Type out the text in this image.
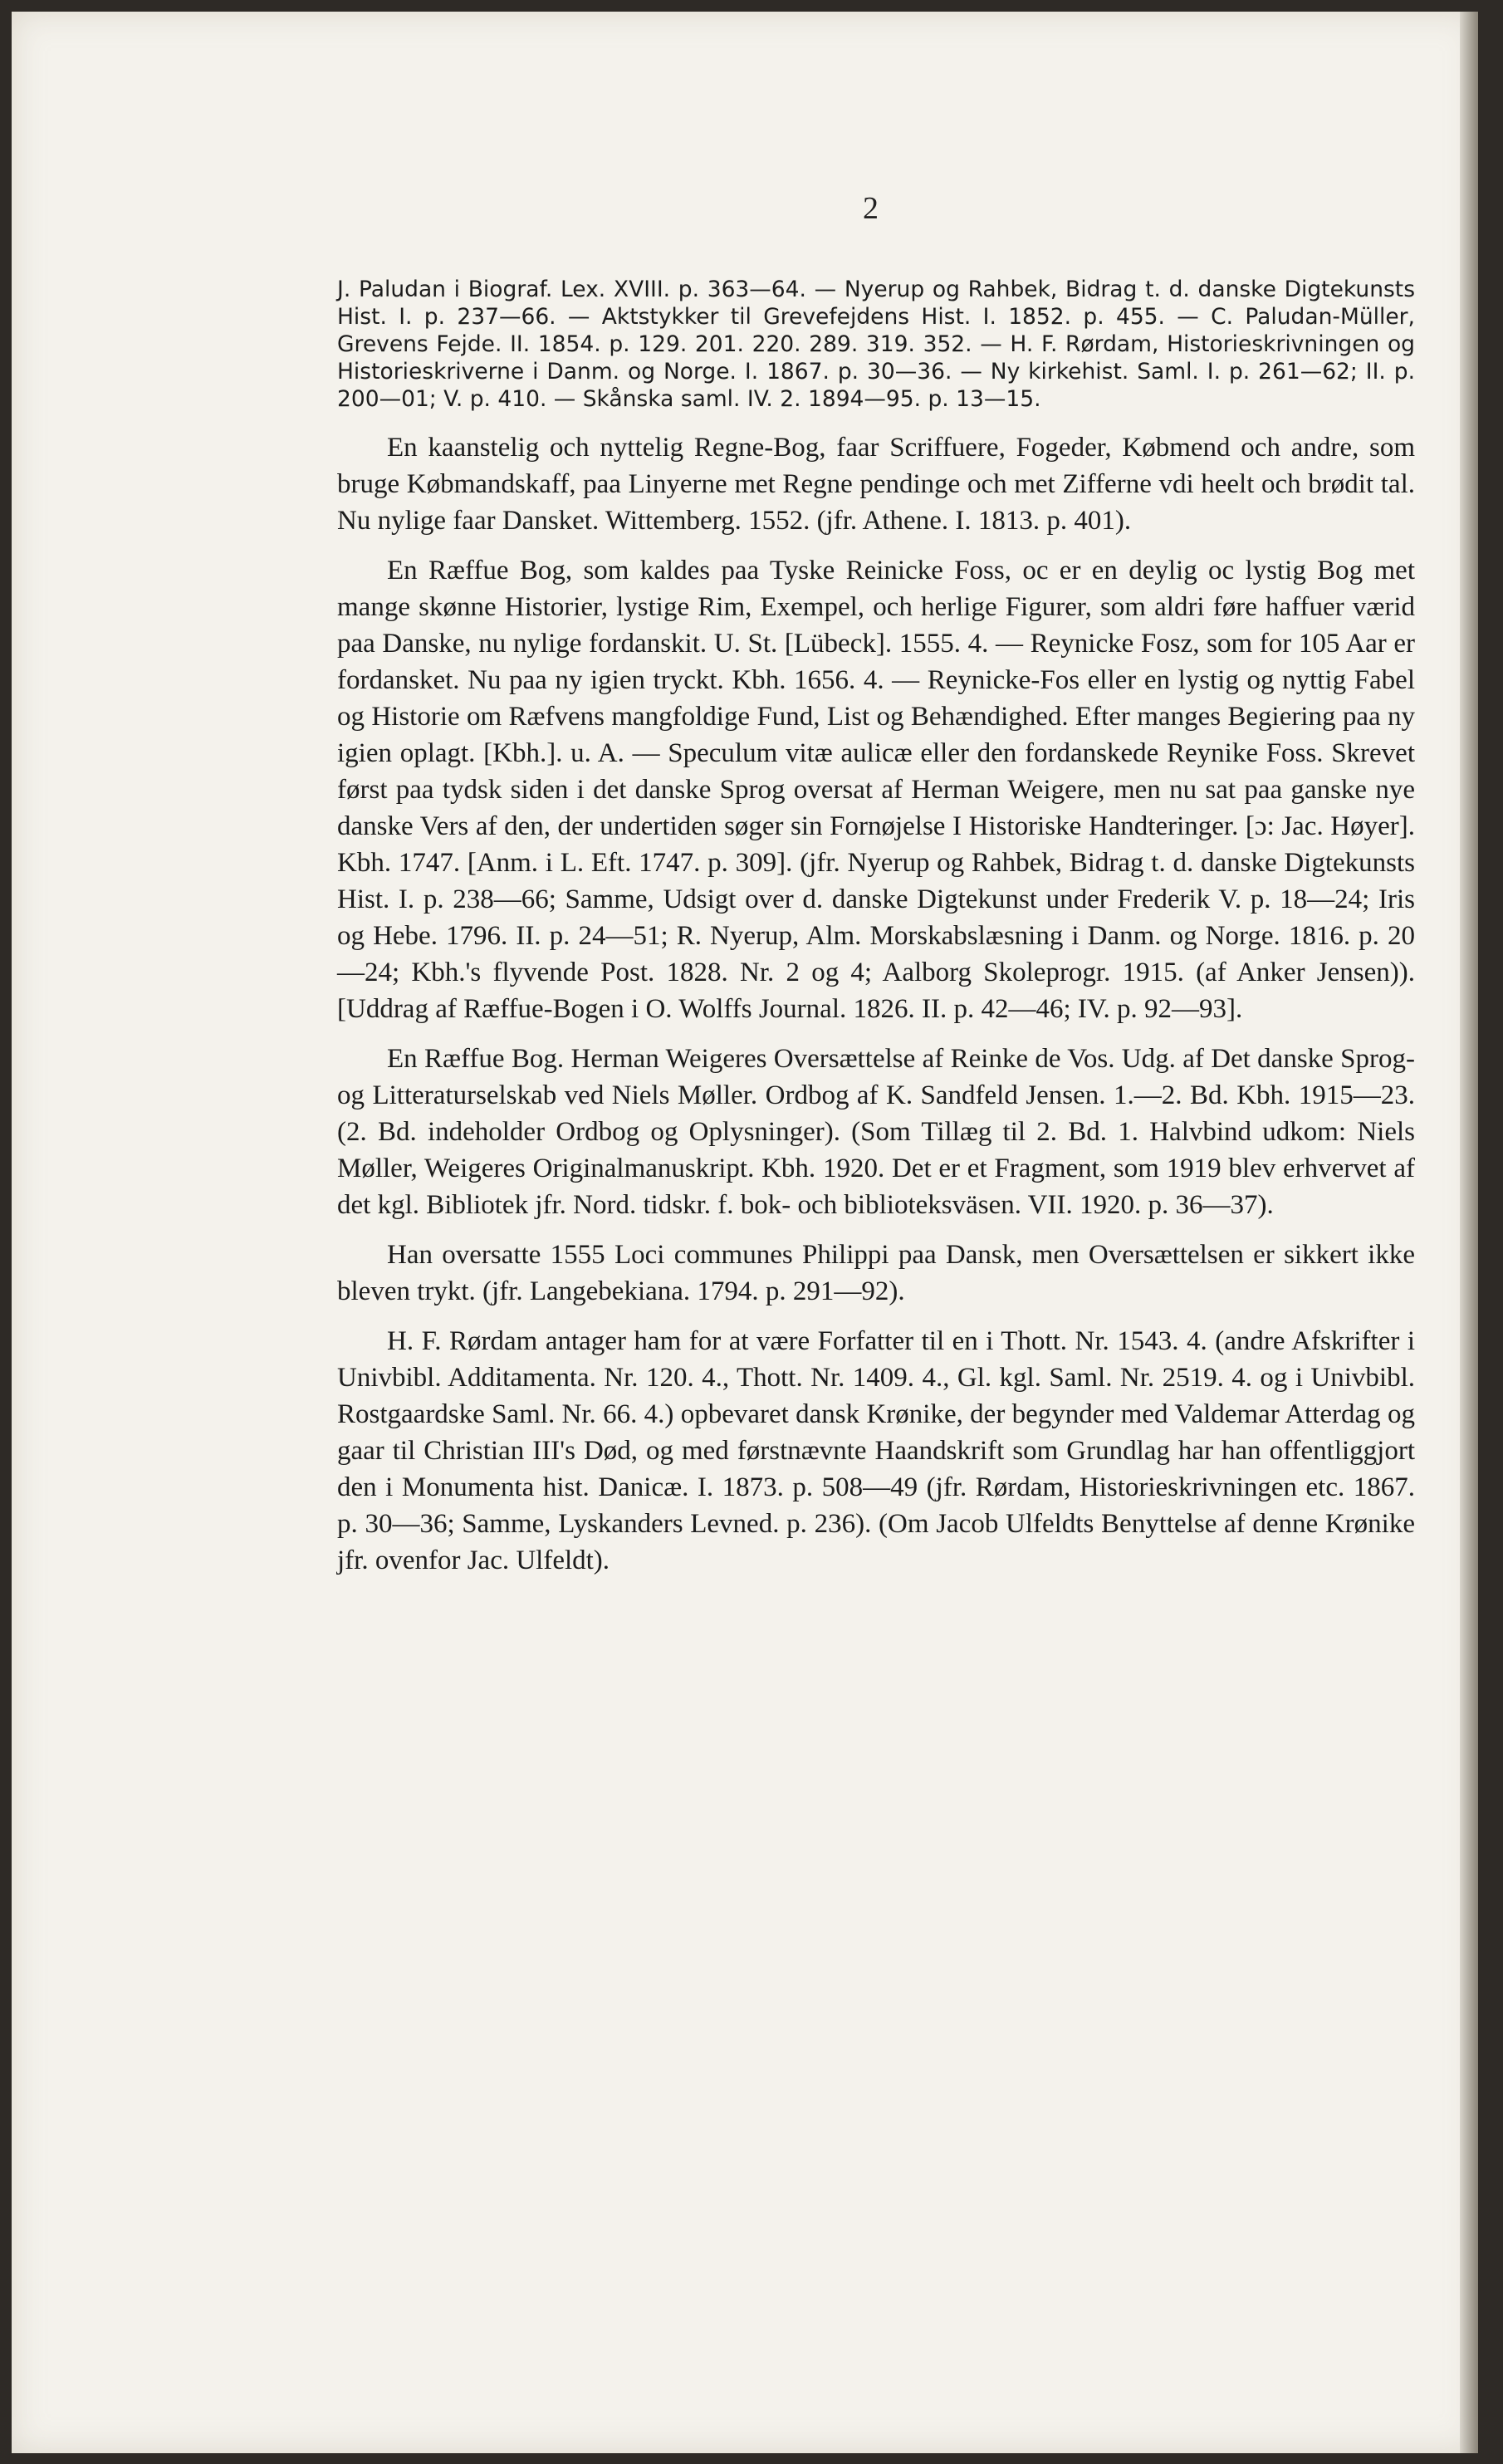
2

J. Paludan i Biograf. Lex. XVIII. p. 363—64. — Nyerup og Rahbek, Bidrag t. d. danske Digtekunsts Hist. I. p. 237—66. — Aktstykker til Grevefejdens Hist. I. 1852. p. 455. — C. Paludan-Müller, Grevens Fejde. II. 1854. p. 129. 201. 220. 289. 319. 352. — H. F. Rørdam, Historieskrivningen og Historieskriverne i Danm. og Norge. I. 1867. p. 30—36. — Ny kirkehist. Saml. I. p. 261—62; II. p. 200—01; V. p. 410. — Skånska saml. IV. 2. 1894—95. p. 13—15.

En kaanstelig och nyttelig Regne-Bog, faar Scriffuere, Fogeder, Købmend och andre, som bruge Købmandskaff, paa Linyerne met Regne pendinge och met Zifferne vdi heelt och brødit tal. Nu nylige faar Dansket. Wittemberg. 1552. (jfr. Athene. I. 1813. p. 401).

En Ræffue Bog, som kaldes paa Tyske Reinicke Foss, oc er en deylig oc lystig Bog met mange skønne Historier, lystige Rim, Exempel, och herlige Figurer, som aldri føre haffuer værid paa Danske, nu nylige fordanskit. U. St. [Lübeck]. 1555. 4. — Reynicke Fosz, som for 105 Aar er fordansket. Nu paa ny igien tryckt. Kbh. 1656. 4. — Reynicke-Fos eller en lystig og nyttig Fabel og Historie om Ræfvens mangfoldige Fund, List og Behændighed. Efter manges Begiering paa ny igien oplagt. [Kbh.]. u. A. — Speculum vitæ aulicæ eller den fordanskede Reynike Foss. Skrevet først paa tydsk siden i det danske Sprog oversat af Herman Weigere, men nu sat paa ganske nye danske Vers af den, der undertiden søger sin Fornøjelse I Historiske Handteringer. [ɔ: Jac. Høyer]. Kbh. 1747. [Anm. i L. Eft. 1747. p. 309]. (jfr. Nyerup og Rahbek, Bidrag t. d. danske Digtekunsts Hist. I. p. 238—66; Samme, Udsigt over d. danske Digtekunst under Frederik V. p. 18—24; Iris og Hebe. 1796. II. p. 24—51; R. Nyerup, Alm. Morskabslæsning i Danm. og Norge. 1816. p. 20—24; Kbh.'s flyvende Post. 1828. Nr. 2 og 4; Aalborg Skoleprogr. 1915. (af Anker Jensen)). [Uddrag af Ræffue-Bogen i O. Wolffs Journal. 1826. II. p. 42—46; IV. p. 92—93].

En Ræffue Bog. Herman Weigeres Oversættelse af Reinke de Vos. Udg. af Det danske Sprog- og Litteraturselskab ved Niels Møller. Ordbog af K. Sandfeld Jensen. 1.—2. Bd. Kbh. 1915—23. (2. Bd. indeholder Ordbog og Oplysninger). (Som Tillæg til 2. Bd. 1. Halvbind udkom: Niels Møller, Weigeres Originalmanuskript. Kbh. 1920. Det er et Fragment, som 1919 blev erhvervet af det kgl. Bibliotek jfr. Nord. tidskr. f. bok- och biblioteksväsen. VII. 1920. p. 36—37).

Han oversatte 1555 Loci communes Philippi paa Dansk, men Oversættelsen er sikkert ikke bleven trykt. (jfr. Langebekiana. 1794. p. 291—92).

H. F. Rørdam antager ham for at være Forfatter til en i Thott. Nr. 1543. 4. (andre Afskrifter i Univbibl. Additamenta. Nr. 120. 4., Thott. Nr. 1409. 4., Gl. kgl. Saml. Nr. 2519. 4. og i Univbibl. Rostgaardske Saml. Nr. 66. 4.) opbevaret dansk Krønike, der begynder med Valdemar Atterdag og gaar til Christian III's Død, og med førstnævnte Haandskrift som Grundlag har han offentliggjort den i Monumenta hist. Danicæ. I. 1873. p. 508—49 (jfr. Rørdam, Historieskrivningen etc. 1867. p. 30—36; Samme, Lyskanders Levned. p. 236). (Om Jacob Ulfeldts Benyttelse af denne Krønike jfr. ovenfor Jac. Ulfeldt).
